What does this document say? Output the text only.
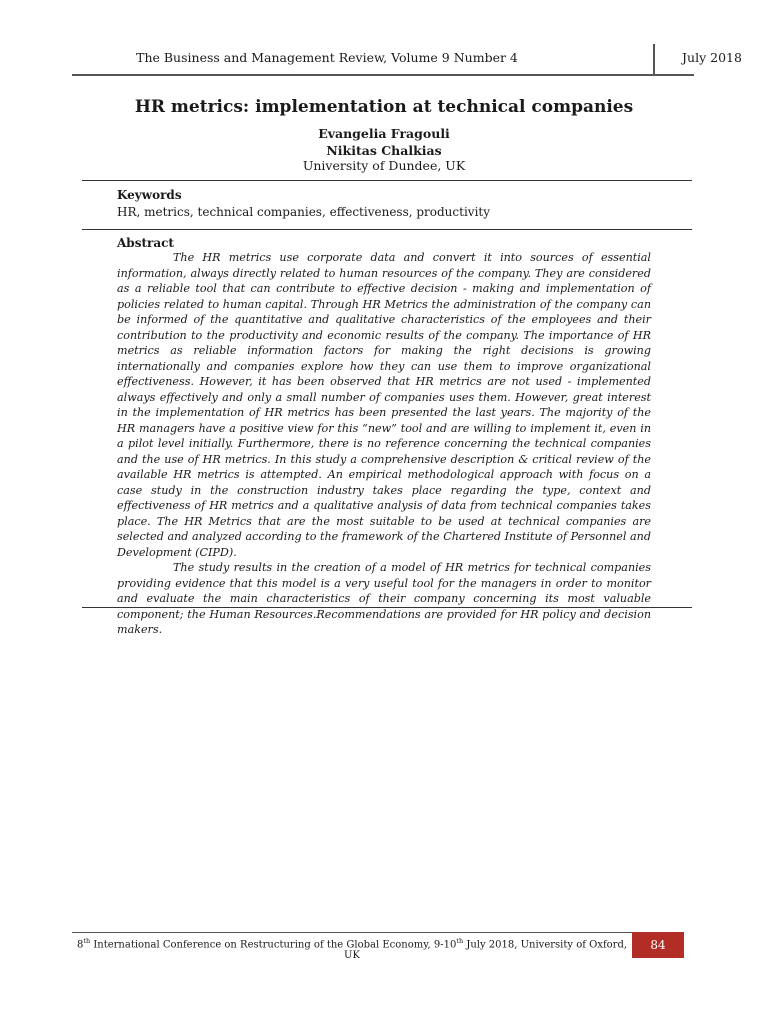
The Business and Management Review, Volume 9 Number 4	July 2018
HR metrics: implementation at technical companies
Evangelia Fragouli
Nikitas Chalkias
University of Dundee, UK
Keywords
HR, metrics, technical companies, effectiveness, productivity
Abstract

The HR metrics use corporate data and convert it into sources of essential information, always directly related to human resources of the company. They are considered as a reliable tool that can contribute to effective decision - making and implementation of policies related to human capital. Through HR Metrics the administration of the company can be informed of the quantitative and qualitative characteristics of the employees and their contribution to the productivity and economic results of the company. The importance of HR metrics as reliable information factors for making the right decisions is growing internationally and companies explore how they can use them to improve organizational effectiveness. However, it has been observed that HR metrics are not used - implemented always effectively and only a small number of companies uses them. However, great interest in the implementation of HR metrics has been presented the last years. The majority of the HR managers have a positive view for this “new” tool and are willing to implement it, even in a pilot level initially. Furthermore, there is no reference concerning the technical companies and the use of HR metrics. In this study a comprehensive description & critical review of the available HR metrics is attempted. An empirical methodological approach with focus on a case study in the construction industry takes place regarding the type, context and effectiveness of HR metrics and a qualitative analysis of data from technical companies takes place. The HR Metrics that are the most suitable to be used at technical companies are selected and analyzed according to the framework of the Chartered Institute of Personnel and Development (CIPD).

The study results in the creation of a model of HR metrics for technical companies providing evidence that this model is a very useful tool for the managers in order to monitor and evaluate the main characteristics of their company concerning its most valuable component; the Human Resources.Recommendations are provided for HR policy and decision makers.

8th International Conference on Restructuring of the Global Economy, 9-10th July 2018, University of Oxford, UK
84
